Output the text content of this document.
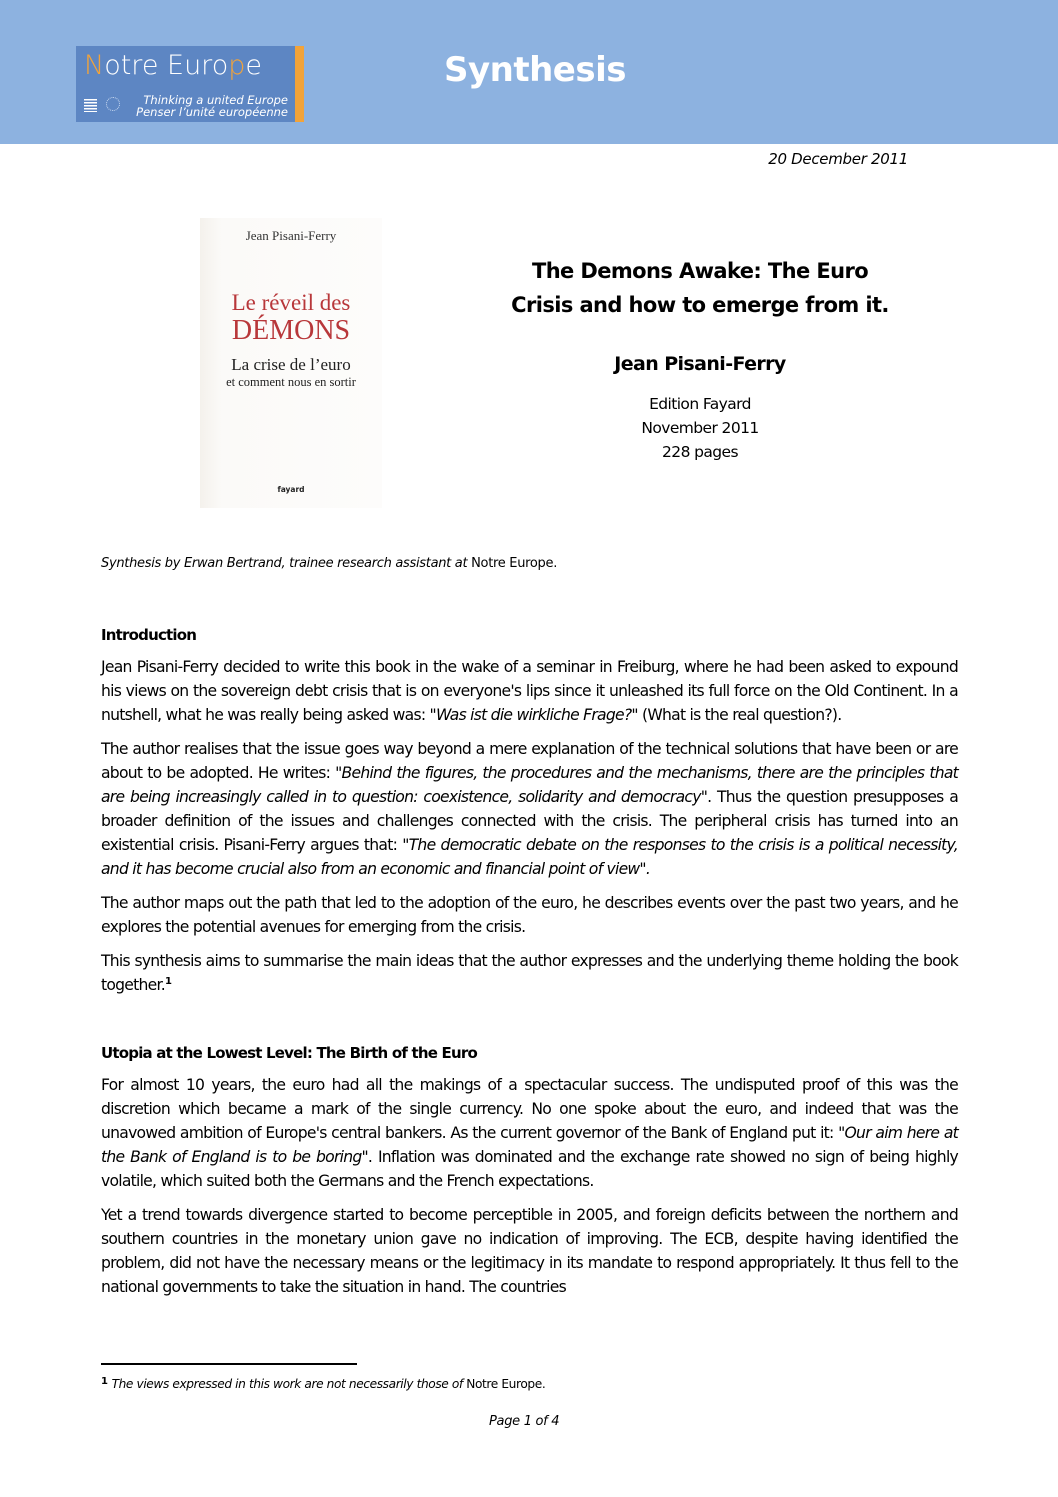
Notre Europe
Thinking a united Europe
Penser l’unité européenne
Synthesis
20 December 2011
Jean Pisani-Ferry
Le réveil des
DÉMONS
La crise de l’euro
et comment nous en sortir
fayard
The Demons Awake: The Euro
Crisis and how to emerge from it.
Jean Pisani-Ferry
Edition Fayard
November 2011
228 pages

Synthesis by Erwan Bertrand, trainee research assistant at Notre Europe.

Introduction

Jean Pisani-Ferry decided to write this book in the wake of a seminar in Freiburg, where he had been asked to expound his views on the sovereign debt crisis that is on everyone's lips since it unleashed its full force on the Old Continent. In a nutshell, what he was really being asked was: "Was ist die wirkliche Frage?" (What is the real question?).

The author realises that the issue goes way beyond a mere explanation of the technical solutions that have been or are about to be adopted. He writes: "Behind the figures, the procedures and the mechanisms, there are the principles that are being increasingly called in to question: coexistence, solidarity and democracy". Thus the question presupposes a broader definition of the issues and challenges connected with the crisis. The peripheral crisis has turned into an existential crisis. Pisani-Ferry argues that: "The democratic debate on the responses to the crisis is a political necessity, and it has become crucial also from an economic and financial point of view".

The author maps out the path that led to the adoption of the euro, he describes events over the past two years, and he explores the potential avenues for emerging from the crisis.

This synthesis aims to summarise the main ideas that the author expresses and the underlying theme holding the book together.$^1$

Utopia at the Lowest Level: The Birth of the Euro

For almost 10 years, the euro had all the makings of a spectacular success. The undisputed proof of this was the discretion which became a mark of the single currency. No one spoke about the euro, and indeed that was the unavowed ambition of Europe's central bankers. As the current governor of the Bank of England put it: "Our aim here at the Bank of England is to be boring". Inflation was dominated and the exchange rate showed no sign of being highly volatile, which suited both the Germans and the French expectations.

Yet a trend towards divergence started to become perceptible in 2005, and foreign deficits between the northern and southern countries in the monetary union gave no indication of improving. The ECB, despite having identified the problem, did not have the necessary means or the legitimacy in its mandate to respond appropriately. It thus fell to the national governments to take the situation in hand. The countries

$^1$ The views expressed in this work are not necessarily those of Notre Europe.
Page 1 of 4
